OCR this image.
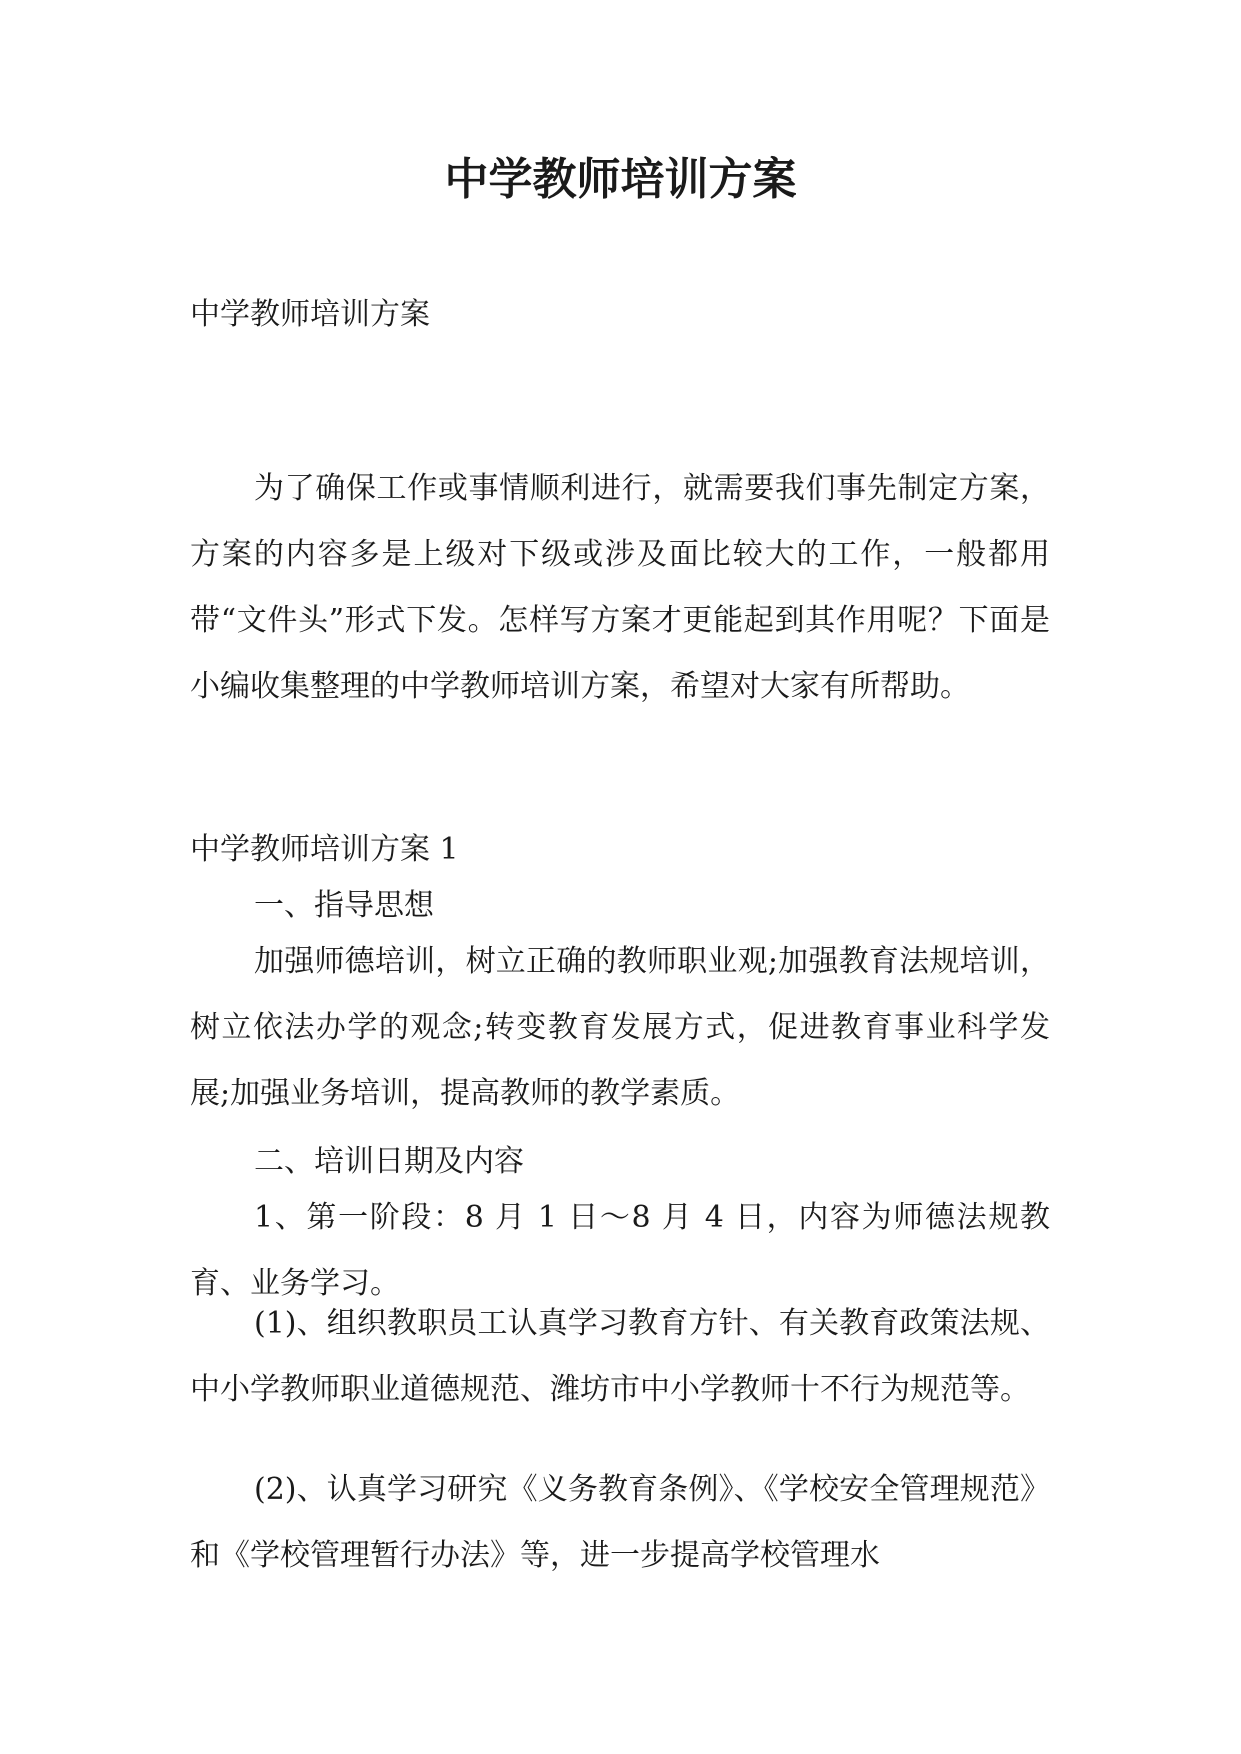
中学教师培训方案

中学教师培训方案

为了确保工作或事情顺利进行，就需要我们事先制定方案，方案的内容多是上级对下级或涉及面比较大的工作，一般都用带“文件头”形式下发。怎样写方案才更能起到其作用呢？下面是小编收集整理的中学教师培训方案，希望对大家有所帮助。

中学教师培训方案 1

一、指导思想

加强师德培训，树立正确的教师职业观;加强教育法规培训，树立依法办学的观念;转变教育发展方式，促进教育事业科学发展;加强业务培训，提高教师的教学素质。

二、培训日期及内容

1、第一阶段：8 月 1 日～8 月 4 日，内容为师德法规教育、业务学习。

(1)、组织教职员工认真学习教育方针、有关教育政策法规、中小学教师职业道德规范、潍坊市中小学教师十不行为规范等。

(2)、认真学习研究《义务教育条例》、《学校安全管理规范》和《学校管理暂行办法》等，进一步提高学校管理水
